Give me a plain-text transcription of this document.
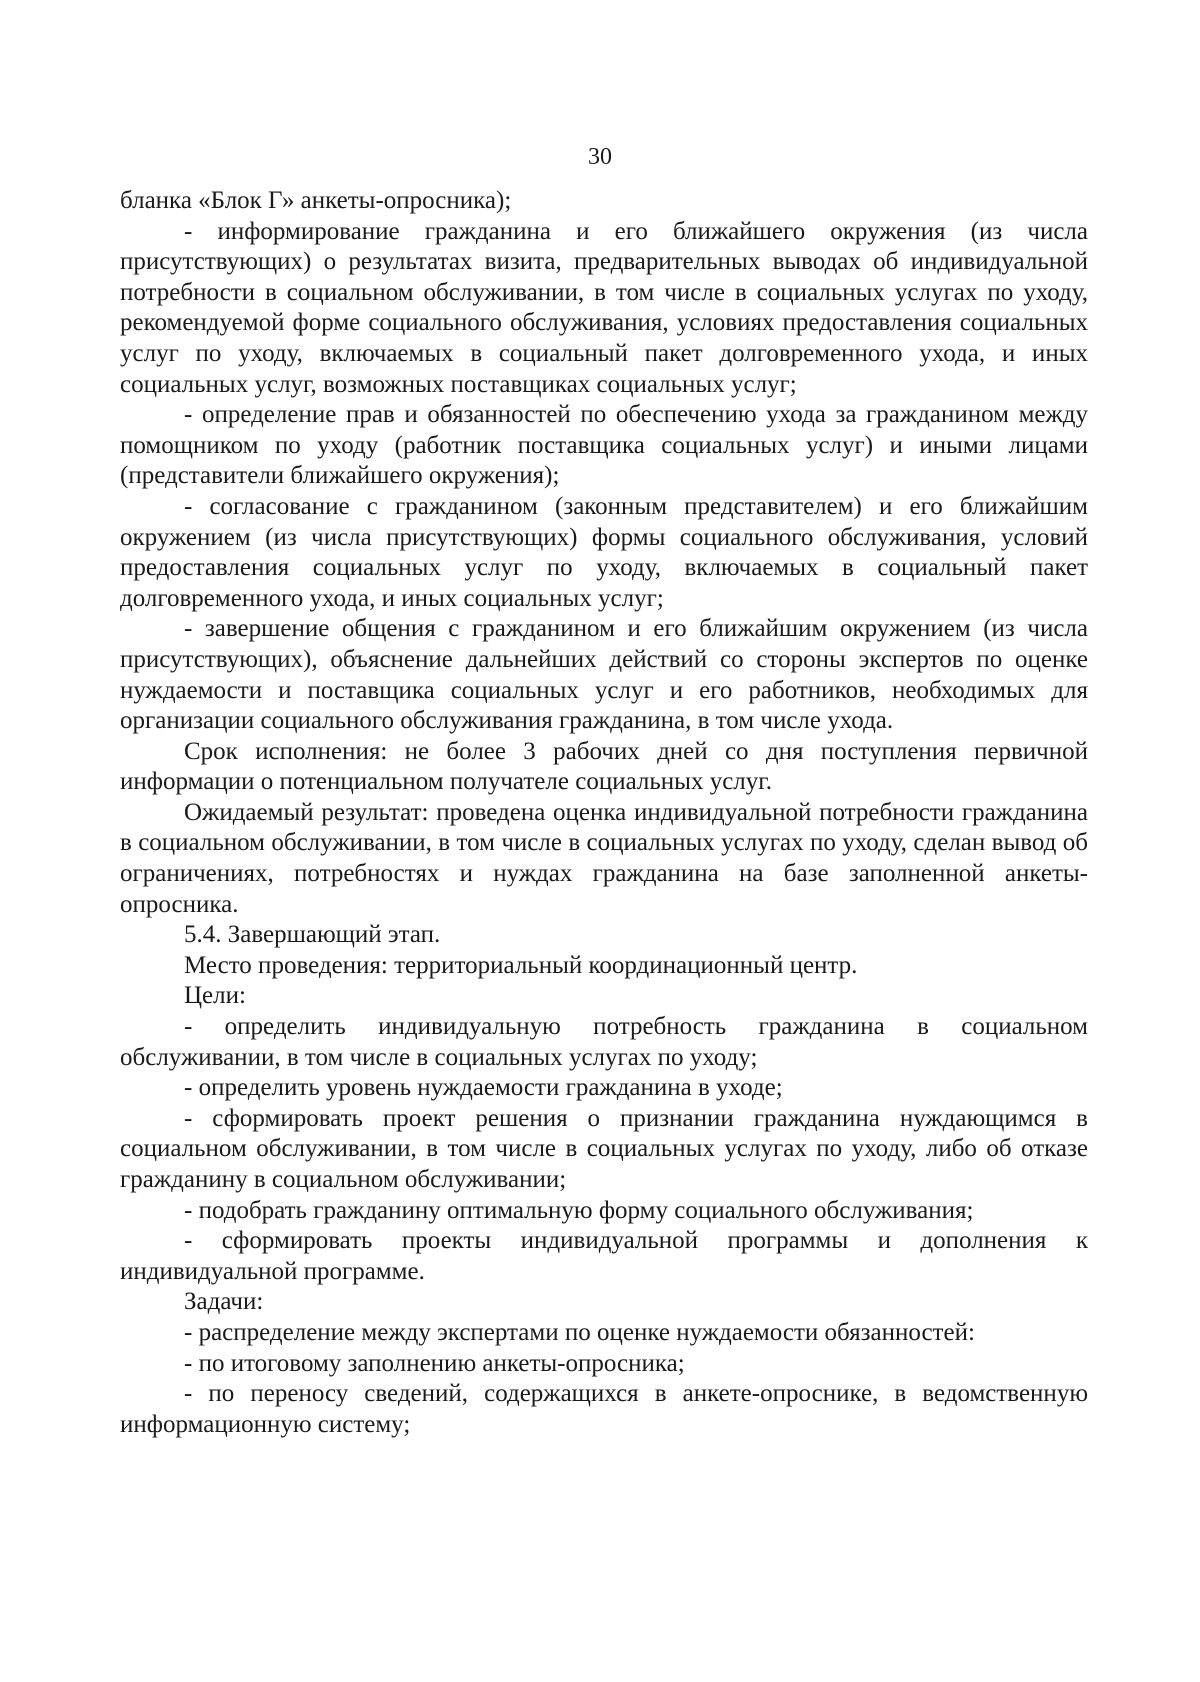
30

бланка «Блок Г» анкеты-опросника);

- информирование гражданина и его ближайшего окружения (из числа присутствующих) о результатах визита, предварительных выводах об индивидуальной потребности в социальном обслуживании, в том числе в социальных услугах по уходу, рекомендуемой форме социального обслуживания, условиях предоставления социальных услуг по уходу, включаемых в социальный пакет долговременного ухода, и иных социальных услуг, возможных поставщиках социальных услуг;

- определение прав и обязанностей по обеспечению ухода за гражданином между помощником по уходу (работник поставщика социальных услуг) и иными лицами (представители ближайшего окружения);

- согласование с гражданином (законным представителем) и его ближайшим окружением (из числа присутствующих) формы социального обслуживания, условий предоставления социальных услуг по уходу, включаемых в социальный пакет долговременного ухода, и иных социальных услуг;

- завершение общения с гражданином и его ближайшим окружением (из числа присутствующих), объяснение дальнейших действий со стороны экспертов по оценке нуждаемости и поставщика социальных услуг и его работников, необходимых для организации социального обслуживания гражданина, в том числе ухода.

Срок исполнения: не более 3 рабочих дней со дня поступления первичной информации о потенциальном получателе социальных услуг.

Ожидаемый результат: проведена оценка индивидуальной потребности гражданина в социальном обслуживании, в том числе в социальных услугах по уходу, сделан вывод об ограничениях, потребностях и нуждах гражданина на базе заполненной анкеты-опросника.

5.4. Завершающий этап.

Место проведения: территориальный координационный центр.

Цели:

- определить индивидуальную потребность гражданина в социальном обслуживании, в том числе в социальных услугах по уходу;

- определить уровень нуждаемости гражданина в уходе;

- сформировать проект решения о признании гражданина нуждающимся в социальном обслуживании, в том числе в социальных услугах по уходу, либо об отказе гражданину в социальном обслуживании;

- подобрать гражданину оптимальную форму социального обслуживания;

- сформировать проекты индивидуальной программы и дополнения к индивидуальной программе.

Задачи:

- распределение между экспертами по оценке нуждаемости обязанностей:

- по итоговому заполнению анкеты-опросника;

- по переносу сведений, содержащихся в анкете-опроснике, в ведомственную информационную систему;
